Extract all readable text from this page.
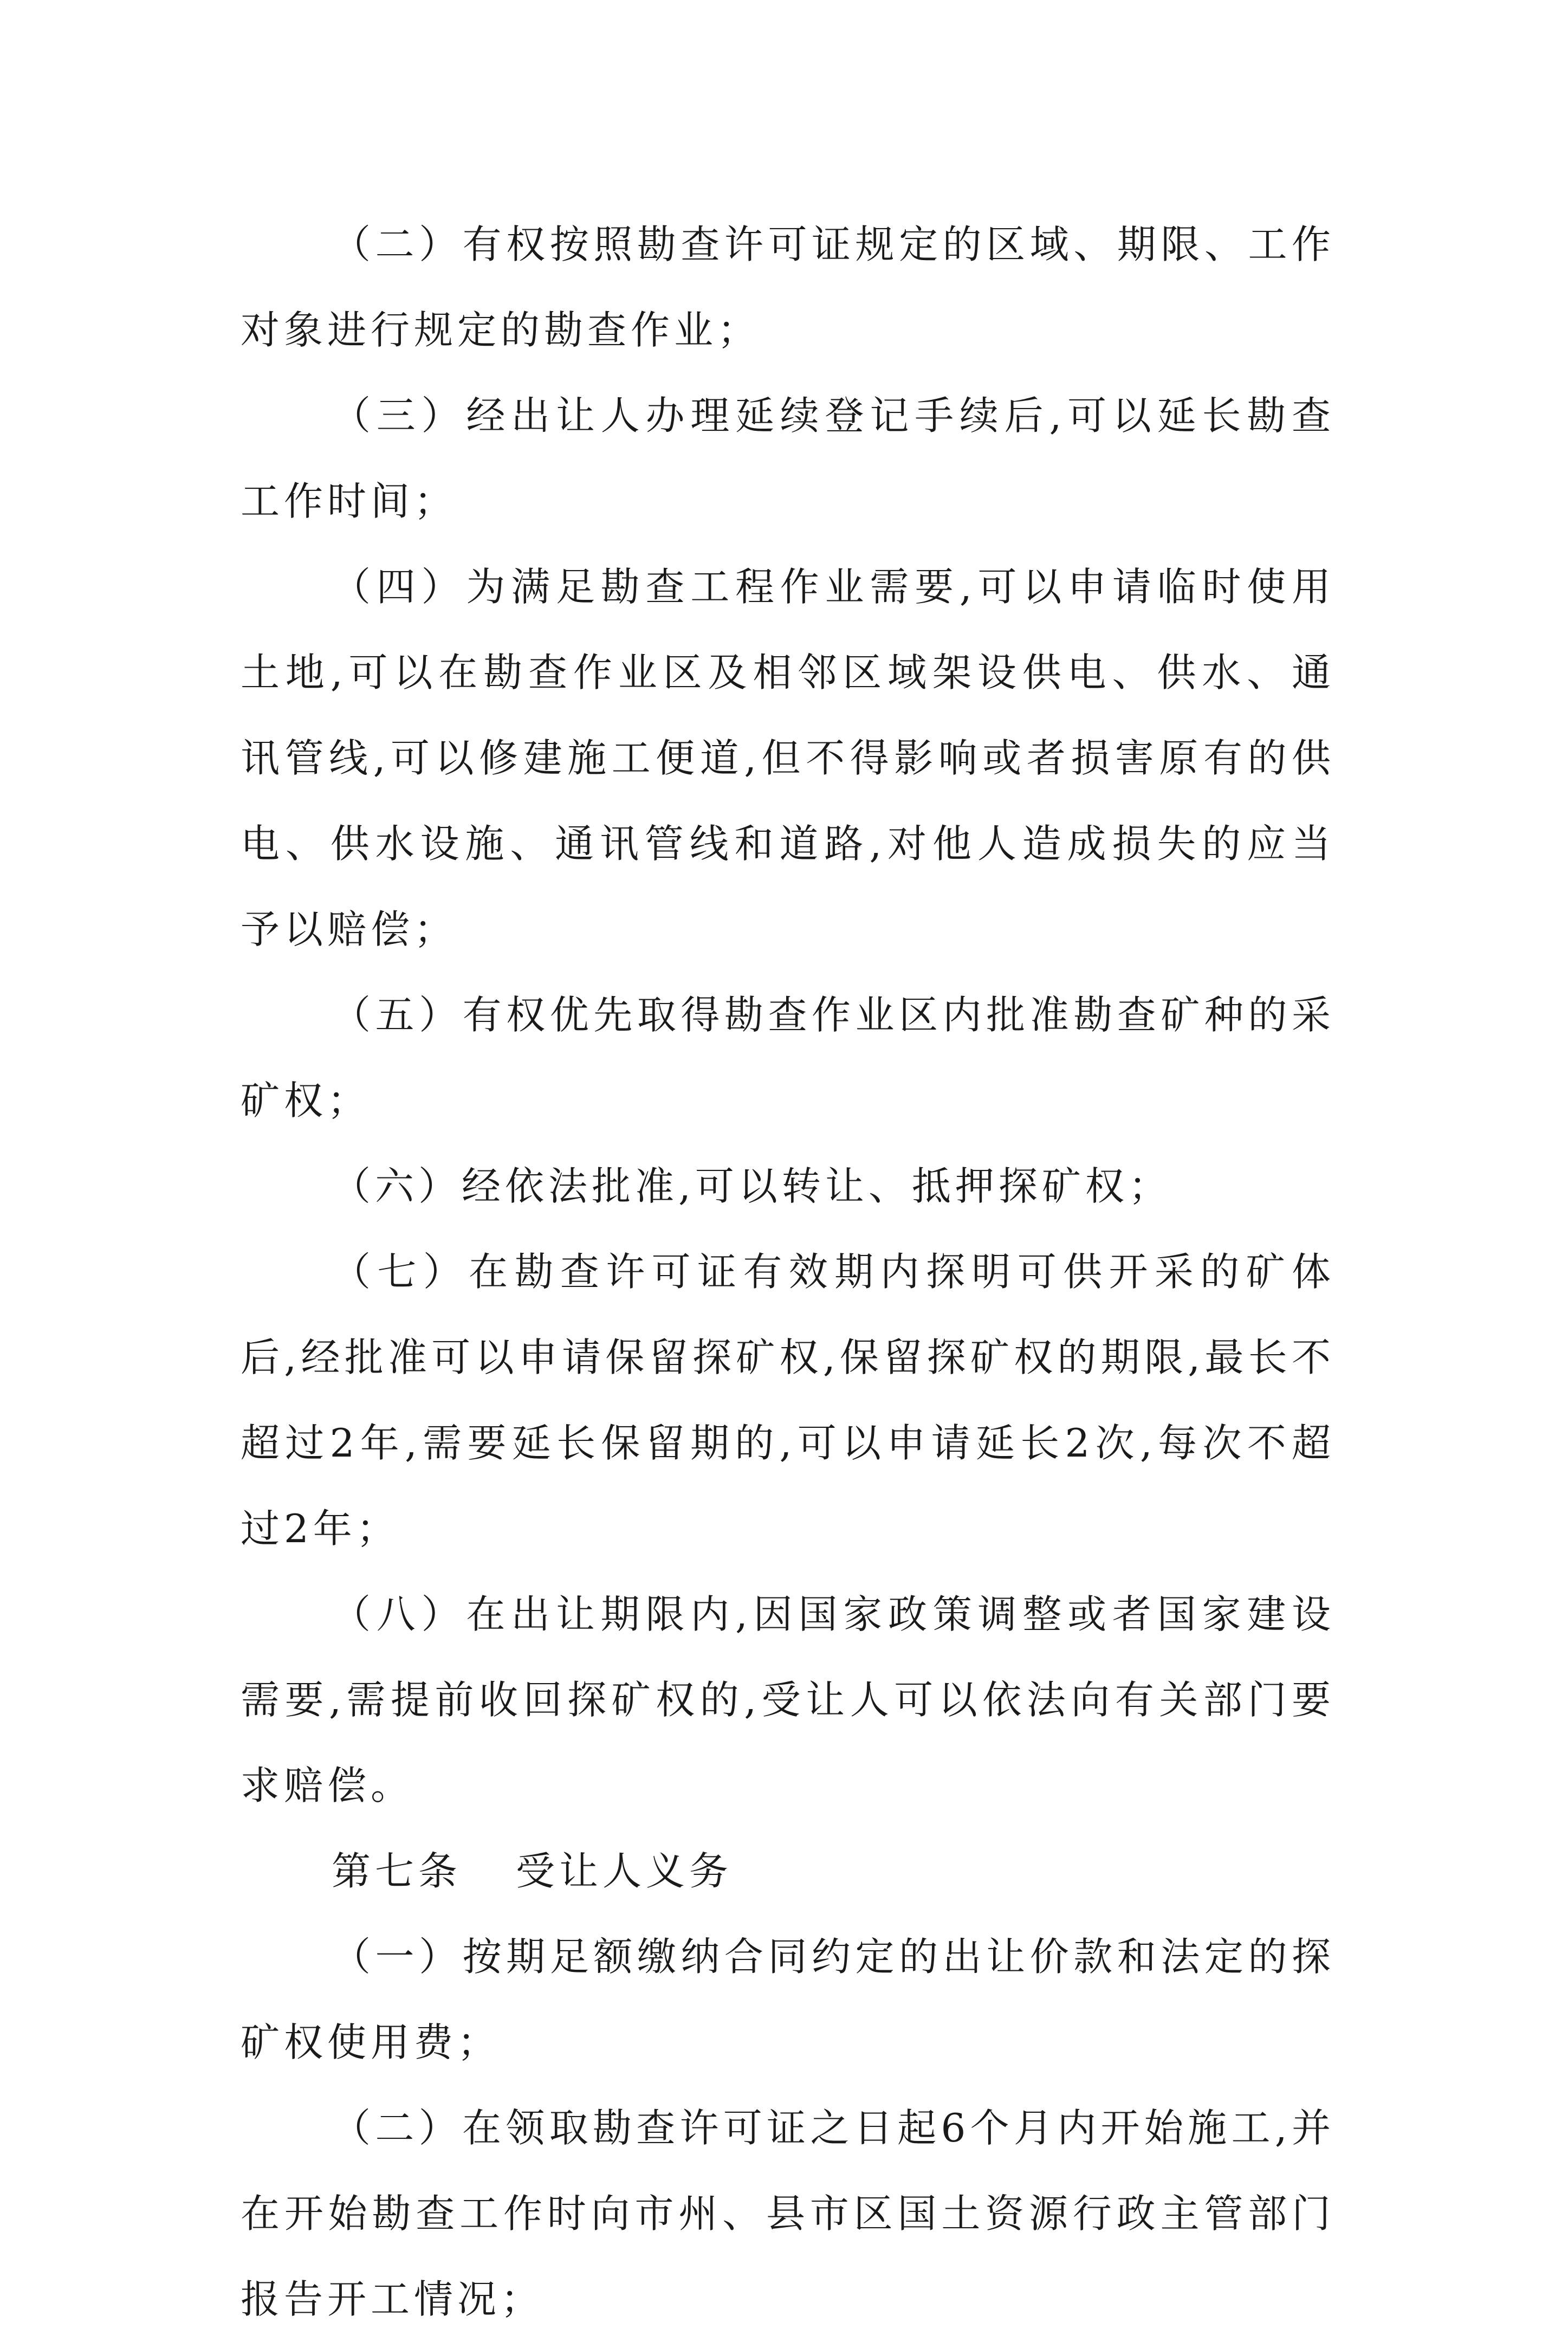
（二）有权按照勘查许可证规定的区域、期限、工作对象进行规定的勘查作业；

（三）经出让人办理延续登记手续后,可以延长勘查工作时间；

（四）为满足勘查工程作业需要,可以申请临时使用土地,可以在勘查作业区及相邻区域架设供电、供水、通讯管线,可以修建施工便道,但不得影响或者损害原有的供电、供水设施、通讯管线和道路,对他人造成损失的应当予以赔偿；

（五）有权优先取得勘查作业区内批准勘查矿种的采矿权；

（六）经依法批准,可以转让、抵押探矿权；

（七）在勘查许可证有效期内探明可供开采的矿体后,经批准可以申请保留探矿权,保留探矿权的期限,最长不超过2年,需要延长保留期的,可以申请延长2次,每次不超过2年；

（八）在出让期限内,因国家政策调整或者国家建设需要,需提前收回探矿权的,受让人可以依法向有关部门要求赔偿。

第七条 受让人义务

（一）按期足额缴纳合同约定的出让价款和法定的探矿权使用费；

（二）在领取勘查许可证之日起6个月内开始施工,并在开始勘查工作时向市州、县市区国土资源行政主管部门报告开工情况；
